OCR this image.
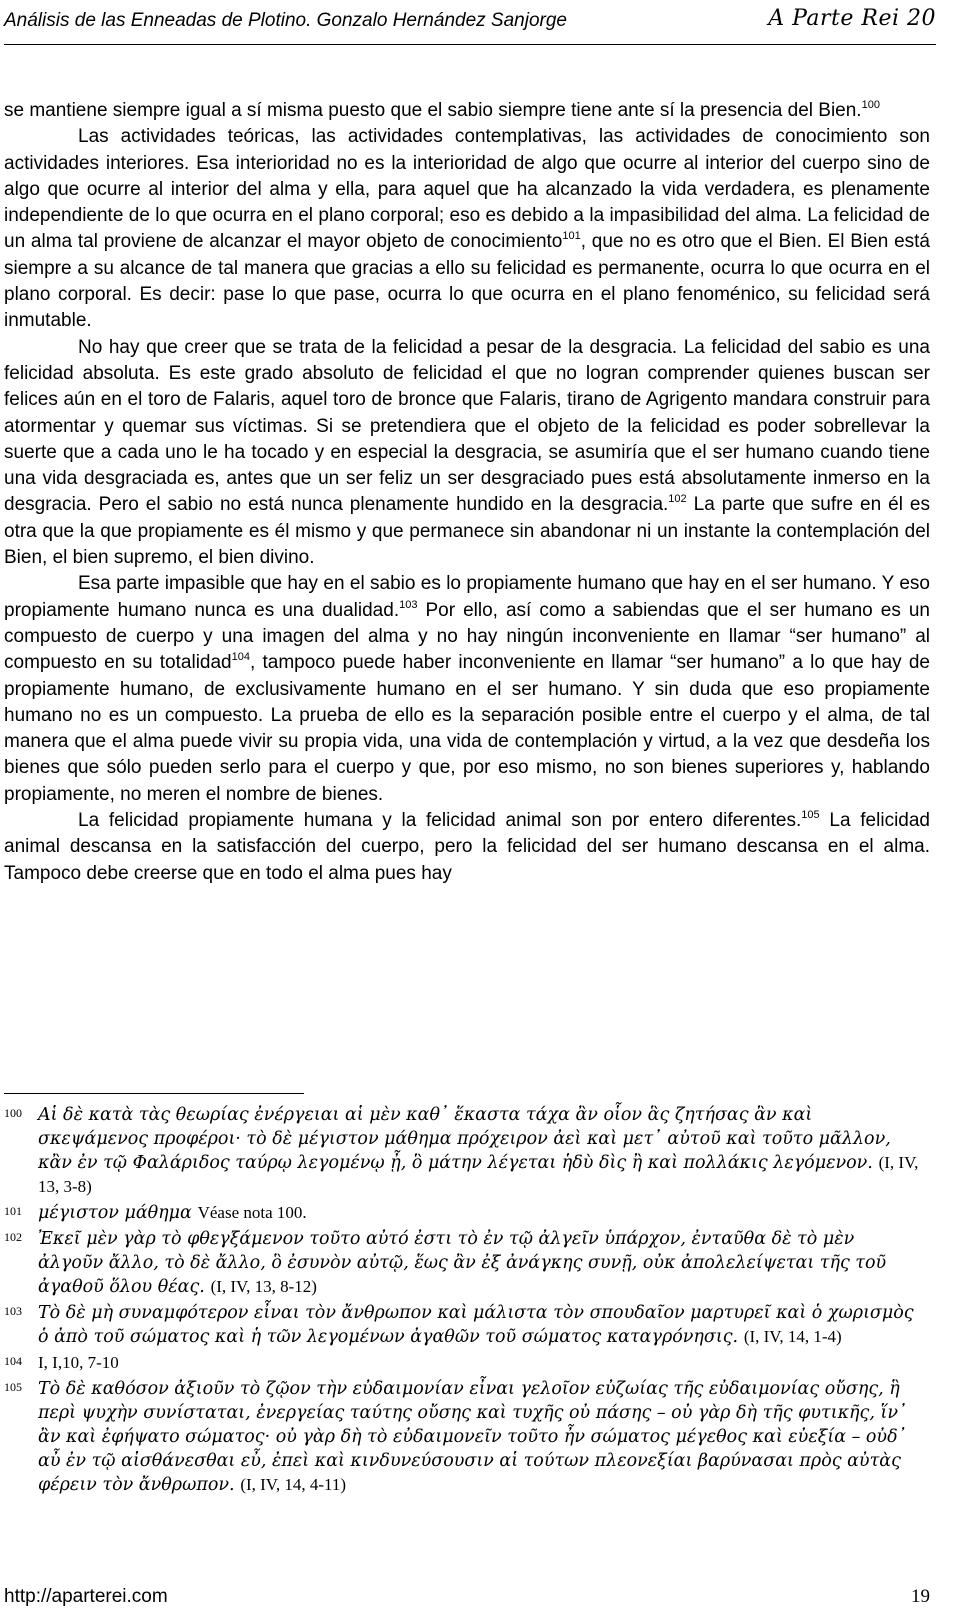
Análisis de las Enneadas de Plotino. Gonzalo Hernández Sanjorge	A Parte Rei 20

se mantiene siempre igual a sí misma puesto que el sabio siempre tiene ante sí la presencia del Bien.$^{100}$

Las actividades teóricas, las actividades contemplativas, las actividades de conocimiento son actividades interiores. Esa interioridad no es la interioridad de algo que ocurre al interior del cuerpo sino de algo que ocurre al interior del alma y ella, para aquel que ha alcanzado la vida verdadera, es plenamente independiente de lo que ocurra en el plano corporal; eso es debido a la impasibilidad del alma. La felicidad de un alma tal proviene de alcanzar el mayor objeto de conocimiento$^{101}$, que no es otro que el Bien. El Bien está siempre a su alcance de tal manera que gracias a ello su felicidad es permanente, ocurra lo que ocurra en el plano corporal. Es decir: pase lo que pase, ocurra lo que ocurra en el plano fenoménico, su felicidad será inmutable.

No hay que creer que se trata de la felicidad a pesar de la desgracia. La felicidad del sabio es una felicidad absoluta. Es este grado absoluto de felicidad el que no logran comprender quienes buscan ser felices aún en el toro de Falaris, aquel toro de bronce que Falaris, tirano de Agrigento mandara construir para atormentar y quemar sus víctimas. Si se pretendiera que el objeto de la felicidad es poder sobrellevar la suerte que a cada uno le ha tocado y en especial la desgracia, se asumiría que el ser humano cuando tiene una vida desgraciada es, antes que un ser feliz un ser desgraciado pues está absolutamente inmerso en la desgracia. Pero el sabio no está nunca plenamente hundido en la desgracia.$^{102}$ La parte que sufre en él es otra que la que propiamente es él mismo y que permanece sin abandonar ni un instante la contemplación del Bien, el bien supremo, el bien divino.

Esa parte impasible que hay en el sabio es lo propiamente humano que hay en el ser humano. Y eso propiamente humano nunca es una dualidad.$^{103}$ Por ello, así como a sabiendas que el ser humano es un compuesto de cuerpo y una imagen del alma y no hay ningún inconveniente en llamar “ser humano” al compuesto en su totalidad$^{104}$, tampoco puede haber inconveniente en llamar “ser humano” a lo que hay de propiamente humano, de exclusivamente humano en el ser humano. Y sin duda que eso propiamente humano no es un compuesto. La prueba de ello es la separación posible entre el cuerpo y el alma, de tal manera que el alma puede vivir su propia vida, una vida de contemplación y virtud, a la vez que desdeña los bienes que sólo pueden serlo para el cuerpo y que, por eso mismo, no son bienes superiores y, hablando propiamente, no meren el nombre de bienes.

La felicidad propiamente humana y la felicidad animal son por entero diferentes.$^{105}$ La felicidad animal descansa en la satisfacción del cuerpo, pero la felicidad del ser humano descansa en el alma. Tampoco debe creerse que en todo el alma pues hay

100 Αἱ δὲ κατὰ τὰς θεωρίας ἐνέργειαι αἱ μὲν καθ᾽ ἕκαστα τάχα ἂν οἷον ἃς ζητήσας ἂν καὶ σκεψάμενος προφέροι· τὸ δὲ μέγιστον μάθημα πρόχειρον ἀεὶ καὶ μετ᾽ αὐτοῦ καὶ τοῦτο μᾶλλον, κἂν ἐν τῷ Φαλάριδος ταύρῳ λεγομένῳ ᾖ, ὃ μάτην λέγεται ἡδὺ δὶς ἢ καὶ πολλάκις λεγόμενον. (I, IV, 13, 3-8)
101 μέγιστον μάθημα Véase nota 100.
102 Ἐκεῖ μὲν γὰρ τὸ φθεγξάμενον τοῦτο αὐτό ἐστι τὸ ἐν τῷ ἀλγεῖν ὑπάρχον, ἐνταῦθα δὲ τὸ μὲν ἀλγοῦν ἄλλο, τὸ δὲ ἄλλο, ὃ ἐσυνὸν αὐτῷ, ἕως ἂν ἐξ ἀνάγκης συνῇ, οὐκ ἀπολελείψεται τῆς τοῦ ἀγαθοῦ ὅλου θέας. (I, IV, 13, 8-12)
103 Τὸ δὲ μὴ συναμφότερον εἶναι τὸν ἄνθρωπον καὶ μάλιστα τὸν σπουδαῖον μαρτυρεῖ καὶ ὁ χωρισμὸς ὁ ἀπὸ τοῦ σώματος καὶ ἡ τῶν λεγομένων ἀγαθῶν τοῦ σώματος καταγρόνησις. (I, IV, 14, 1-4)
104 I, I,10, 7-10
105 Τὸ δὲ καθόσον ἀξιοῦν τὸ ζῷον τὴν εὐδαιμονίαν εἶναι γελοῖον εὐζωίας τῆς εὐδαιμονίας οὔσης, ἣ περὶ ψυχὴν συνίσταται, ἐνεργείας ταύτης οὔσης καὶ τυχῆς οὐ πάσης – οὐ γὰρ δὴ τῆς φυτικῆς, ἵν᾽ ἂν καὶ ἐφήψατο σώματος· οὐ γὰρ δὴ τὸ εὐδαιμονεῖν τοῦτο ἦν σώματος μέγεθος καὶ εὐεξία – οὐδ᾽ αὖ ἐν τῷ αἰσθάνεσθαι εὖ, ἐπεὶ καὶ κινδυνεύσουσιν αἱ τούτων πλεονεξίαι βαρύνασαι πρὸς αὐτὰς φέρειν τὸν ἄνθρωπον. (I, IV, 14, 4-11)
http://aparterei.com	19
